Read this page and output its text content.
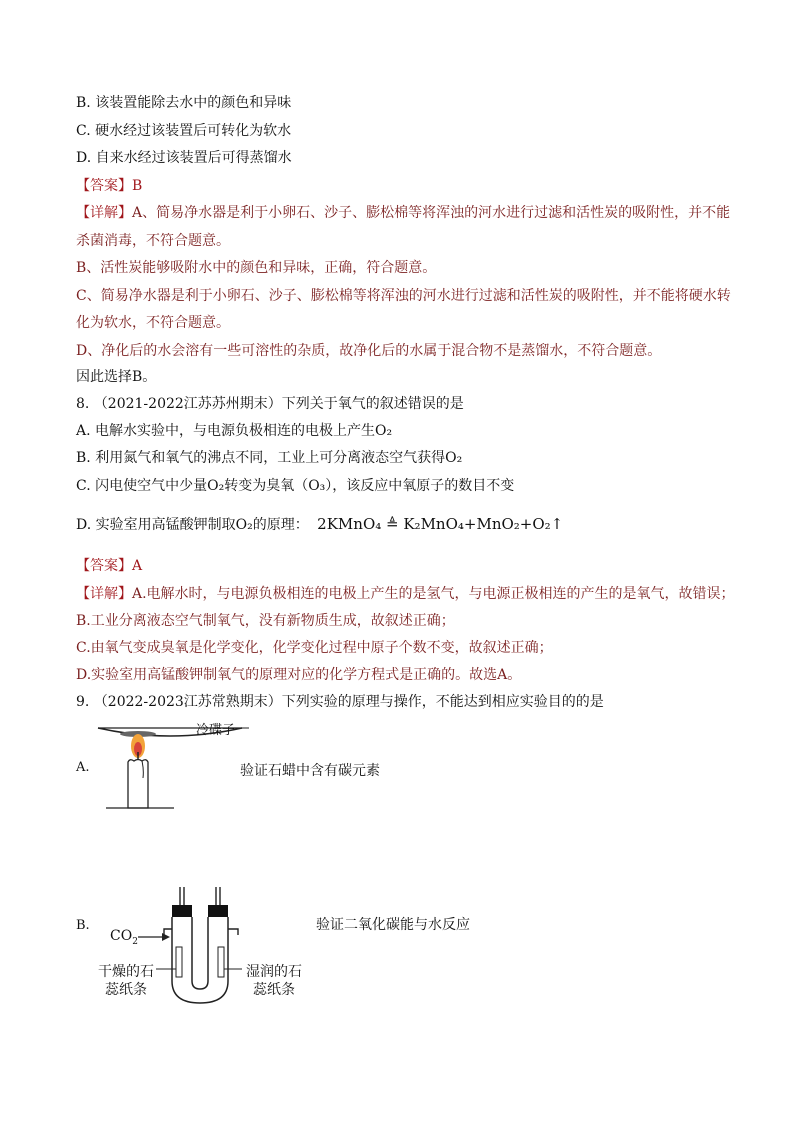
B. 该装置能除去水中的颜色和异味
C. 硬水经过该装置后可转化为软水
D. 自来水经过该装置后可得蒸馏水
【答案】B
【详解】A、简易净水器是利于小卵石、沙子、膨松棉等将浑浊的河水进行过滤和活性炭的吸附性，并不能
杀菌消毒，不符合题意。
B、活性炭能够吸附水中的颜色和异味，正确，符合题意。
C、简易净水器是利于小卵石、沙子、膨松棉等将浑浊的河水进行过滤和活性炭的吸附性，并不能将硬水转
化为软水，不符合题意。
D、净化后的水会溶有一些可溶性的杂质，故净化后的水属于混合物不是蒸馏水，不符合题意。
因此选择B。
8. （2021-2022江苏苏州期末）下列关于氧气的叙述错误的是
A. 电解水实验中，与电源负极相连的电极上产生O₂
B. 利用氮气和氧气的沸点不同，工业上可分离液态空气获得O₂
C. 闪电使空气中少量O₂转变为臭氧（O₃），该反应中氧原子的数目不变
D. 实验室用高锰酸钾制取O₂的原理： 2KMnO₄ ≜ K₂MnO₄+MnO₂+O₂↑
【答案】A
【详解】A.电解水时，与电源负极相连的电极上产生的是氢气，与电源正极相连的产生的是氧气，故错误；
B.工业分离液态空气制氧气，没有新物质生成，故叙述正确；
C.由氧气变成臭氧是化学变化，化学变化过程中原子个数不变，故叙述正确；
D.实验室用高锰酸钾制氧气的原理对应的化学方程式是正确的。故选A。
9. （2022-2023江苏常熟期末）下列实验的原理与操作，不能达到相应实验目的的是
A.
冷碟子
验证石蜡中含有碳元素
B.
$CO_2$
干燥的石
蕊纸条
湿润的石
蕊纸条
验证二氧化碳能与水反应
